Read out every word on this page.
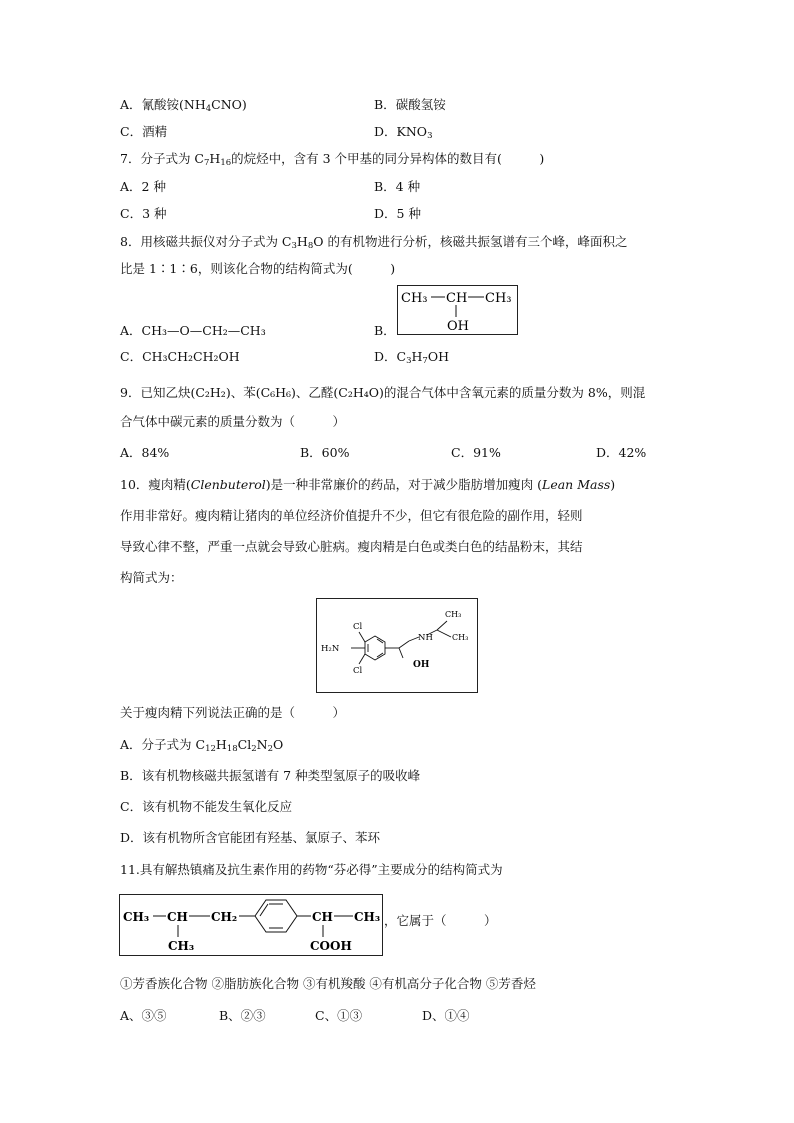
A．氰酸铵$(NH_4CNO)$	B．碳酸氢铵
C．酒精	D．$KNO_3$
7．分子式为 $C_7H_{16}$的烷烃中，含有 3 个甲基的同分异构体的数目有(　　　)
A．2 种	B．4 种
C．3 种	D．5 种
8．用核磁共振仪对分子式为 $C_3H_8O$ 的有机物进行分析，核磁共振氢谱有三个峰，峰面积之
比是 1∶1∶6，则该化合物的结构简式为(　　　)
A．CH₃—O—CH₂—CH₃	B．
CH₃ CH CH₃
OH
C．CH₃CH₂CH₂OH	D．$C_3H_7OH$
9．已知乙炔(C₂H₂)、苯(C₆H₆)、乙醛(C₂H₄O)的混合气体中含氧元素的质量分数为 8%，则混
合气体中碳元素的质量分数为（　　　）
A．84%	B．60%	C．91%	D．42%
10．瘦肉精(Clenbuterol)是一种非常廉价的药品，对于减少脂肪增加瘦肉 (Lean Mass)
作用非常好。瘦肉精让猪肉的单位经济价值提升不少，但它有很危险的副作用，轻则
导致心律不整，严重一点就会导致心脏病。瘦肉精是白色或类白色的结晶粉末，其结
构简式为：
Cl
Cl
H₂N
OH
NH
CH₃
CH₃
关于瘦肉精下列说法正确的是（　　　）
A．分子式为 $C_{12}H_{18}Cl_2N_2O$
B．该有机物核磁共振氢谱有 7 种类型氢原子的吸收峰
C．该有机物不能发生氧化反应
D．该有机物所含官能团有羟基、氯原子、苯环
11.具有解热镇痛及抗生素作用的药物“芬必得”主要成分的结构简式为
CH₃ CH
CH₃
CH₂	CH CH₃
COOH
，它属于（　　　）
①芳香族化合物 ②脂肪族化合物 ③有机羧酸 ④有机高分子化合物 ⑤芳香烃
A、③⑤	B、②③	C、①③	D、①④
